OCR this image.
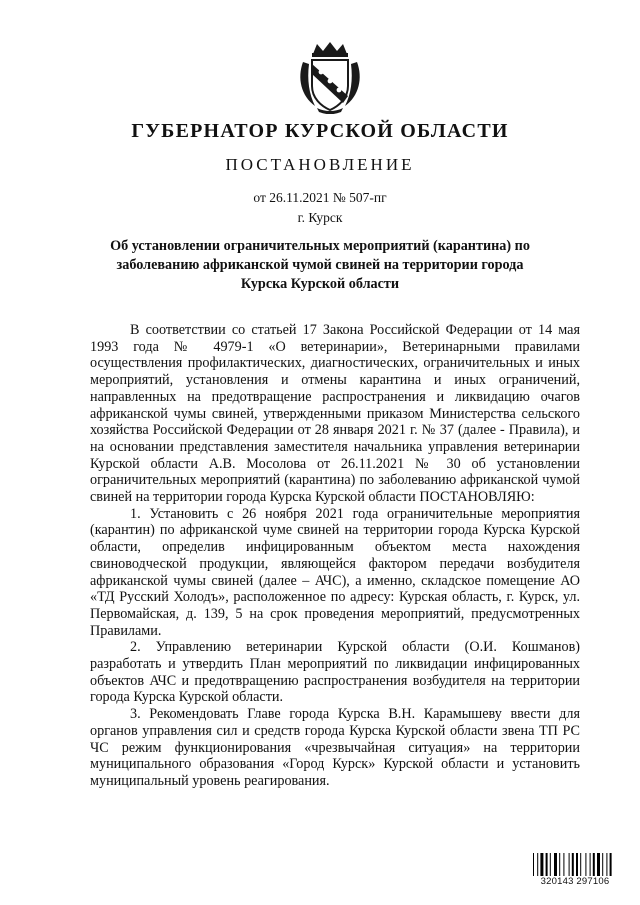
ГУБЕРНАТОР КУРСКОЙ ОБЛАСТИ
ПОСТАНОВЛЕНИЕ
от 26.11.2021 № 507-пг
г. Курск
Об установлении ограничительных мероприятий (карантина) по заболеванию африканской чумой свиней на территории города Курска Курской области

В соответствии со статьей 17 Закона Российской Федерации от 14 мая 1993 года № 4979-1 «О ветеринарии», Ветеринарными правилами осуществления профилактических, диагностических, ограничительных и иных мероприятий, установления и отмены карантина и иных ограничений, направленных на предотвращение распространения и ликвидацию очагов африканской чумы свиней, утвержденными приказом Министерства сельского хозяйства Российской Федерации от 28 января 2021 г. № 37 (далее - Правила), и на основании представления заместителя начальника управления ветеринарии Курской области А.В. Мосолова от 26.11.2021 № 30 об установлении ограничительных мероприятий (карантина) по заболеванию африканской чумой свиней на территории города Курска Курской области ПОСТАНОВЛЯЮ:

1. Установить с 26 ноября 2021 года ограничительные мероприятия (карантин) по африканской чуме свиней на территории города Курска Курской области, определив инфицированным объектом места нахождения свиноводческой продукции, являющейся фактором передачи возбудителя африканской чумы свиней (далее – АЧС), а именно, складское помещение АО «ТД Русский Холодъ», расположенное по адресу: Курская область, г. Курск, ул. Первомайская, д. 139, 5 на срок проведения мероприятий, предусмотренных Правилами.

2. Управлению ветеринарии Курской области (О.И. Кошманов) разработать и утвердить План мероприятий по ликвидации инфицированных объектов АЧС и предотвращению распространения возбудителя на территории города Курска Курской области.

3. Рекомендовать Главе города Курска В.Н. Карамышеву ввести для органов управления сил и средств города Курска Курской области звена ТП РС ЧС режим функционирования «чрезвычайная ситуация» на территории муниципального образования «Город Курск» Курской области и установить муниципальный уровень реагирования.

320143 297106
